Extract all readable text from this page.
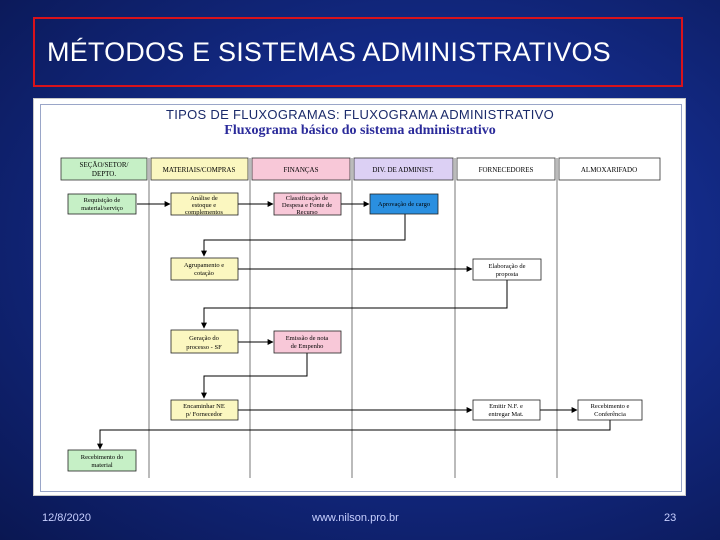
MÉTODOS E SISTEMAS ADMINISTRATIVOS
TIPOS DE FLUXOGRAMAS: FLUXOGRAMA ADMINISTRATIVO
Fluxograma básico do sistema administrativo
SEÇÃO/SETOR/
DEPTO.	MATERIAIS/COMPRAS	FINANÇAS	DIV. DE ADMINIST.	FORNECEDORES	ALMOXARIFADO
Requisição de
material/serviço
Análise de
estoque e
complementos
Classificação de
Despesa e Fonte de
Recurso
Aprovação de cargo
Agrupamento e
cotação
Elaboração de
proposta
Geração do
processo - SF
Emissão de nota
de Empenho
Encaminhar NE
p/ Fornecedor
Emitir N.F. e
entregar Mat.
Recebimento e
Conferência
Recebimento do
material
12/8/2020	www.nilson.pro.br	23
